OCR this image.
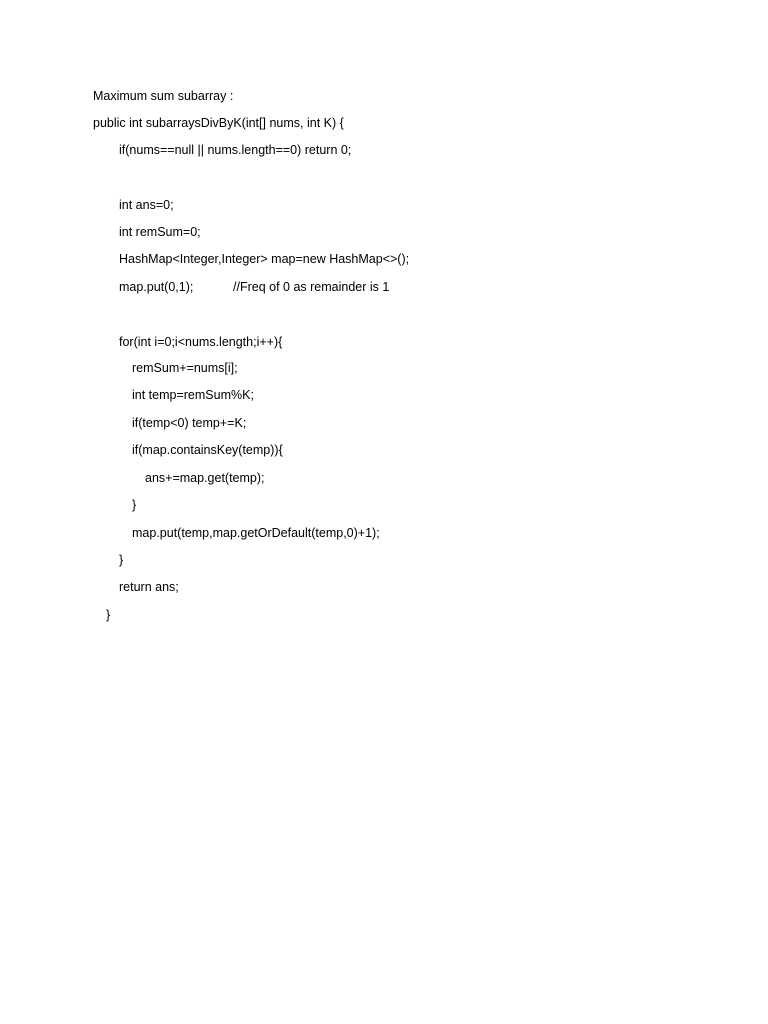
Maximum sum subarray :
public int subarraysDivByK(int[] nums, int K) {
if(nums==null || nums.length==0) return 0;
int ans=0;
int remSum=0;
HashMap<Integer,Integer> map=new HashMap<>();
map.put(0,1);	//Freq of 0 as remainder is 1
for(int i=0;i<nums.length;i++){
remSum+=nums[i];
int temp=remSum%K;
if(temp<0) temp+=K;
if(map.containsKey(temp)){
ans+=map.get(temp);
}
map.put(temp,map.getOrDefault(temp,0)+1);
}
return ans;
}
